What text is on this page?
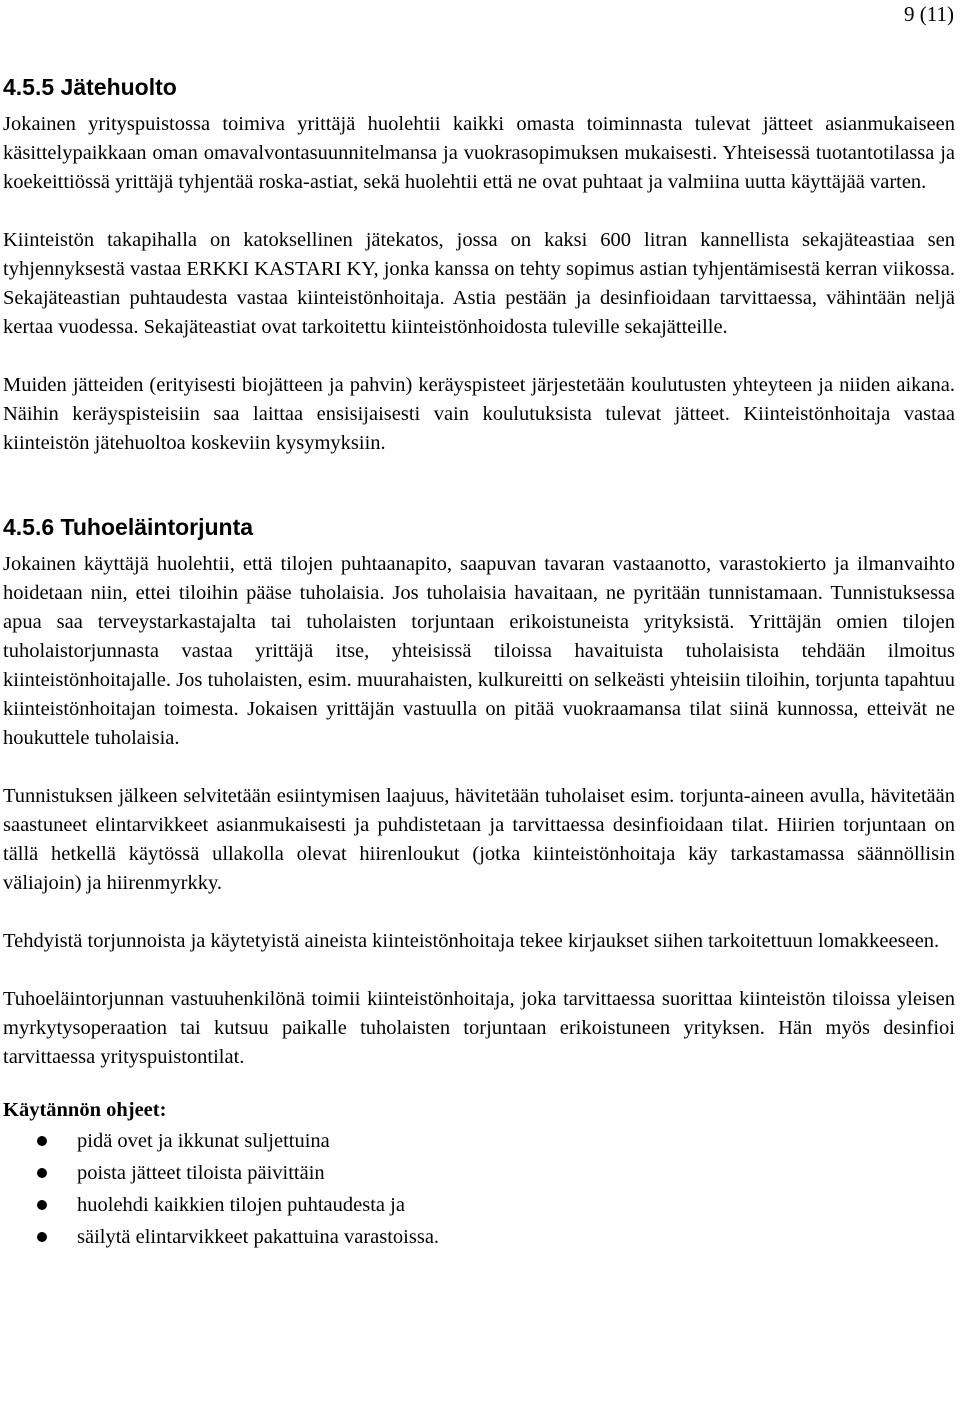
9 (11)
4.5.5 Jätehuolto

Jokainen yrityspuistossa toimiva yrittäjä huolehtii kaikki omasta toiminnasta tulevat jätteet asianmukaiseen käsittelypaikkaan oman omavalvontasuunnitelmansa ja vuokrasopimuksen mukaisesti. Yhteisessä tuotantotilassa ja koekeittiössä yrittäjä tyhjentää roska-astiat, sekä huolehtii että ne ovat puhtaat ja valmiina uutta käyttäjää varten.

Kiinteistön takapihalla on katoksellinen jätekatos, jossa on kaksi 600 litran kannellista sekajäteastiaa sen tyhjennyksestä vastaa ERKKI KASTARI KY, jonka kanssa on tehty sopimus astian tyhjentämisestä kerran viikossa. Sekajäteastian puhtaudesta vastaa kiinteistönhoitaja. Astia pestään ja desinfioidaan tarvittaessa, vähintään neljä kertaa vuodessa. Sekajäteastiat ovat tarkoitettu kiinteistönhoidosta tuleville sekajätteille.

Muiden jätteiden (erityisesti biojätteen ja pahvin) keräyspisteet järjestetään koulutusten yhteyteen ja niiden aikana. Näihin keräyspisteisiin saa laittaa ensisijaisesti vain koulutuksista tulevat jätteet. Kiinteistönhoitaja vastaa kiinteistön jätehuoltoa koskeviin kysymyksiin.

4.5.6 Tuhoeläintorjunta

Jokainen käyttäjä huolehtii, että tilojen puhtaanapito, saapuvan tavaran vastaanotto, varastokierto ja ilmanvaihto hoidetaan niin, ettei tiloihin pääse tuholaisia. Jos tuholaisia havaitaan, ne pyritään tunnistamaan. Tunnistuksessa apua saa terveystarkastajalta tai tuholaisten torjuntaan erikoistuneista yrityksistä. Yrittäjän omien tilojen tuholaistorjunnasta vastaa yrittäjä itse, yhteisissä tiloissa havaituista tuholaisista tehdään ilmoitus kiinteistönhoitajalle. Jos tuholaisten, esim. muurahaisten, kulkureitti on selkeästi yhteisiin tiloihin, torjunta tapahtuu kiinteistönhoitajan toimesta. Jokaisen yrittäjän vastuulla on pitää vuokraamansa tilat siinä kunnossa, etteivät ne houkuttele tuholaisia.

Tunnistuksen jälkeen selvitetään esiintymisen laajuus, hävitetään tuholaiset esim. torjunta-aineen avulla, hävitetään saastuneet elintarvikkeet asianmukaisesti ja puhdistetaan ja tarvittaessa desinfioidaan tilat. Hiirien torjuntaan on tällä hetkellä käytössä ullakolla olevat hiirenloukut (jotka kiinteistönhoitaja käy tarkastamassa säännöllisin väliajoin) ja hiirenmyrkky.

Tehdyistä torjunnoista ja käytetyistä aineista kiinteistönhoitaja tekee kirjaukset siihen tarkoitettuun lomakkeeseen.

Tuhoeläintorjunnan vastuuhenkilönä toimii kiinteistönhoitaja, joka tarvittaessa suorittaa kiinteistön tiloissa yleisen myrkytysoperaation tai kutsuu paikalle tuholaisten torjuntaan erikoistuneen yrityksen. Hän myös desinfioi tarvittaessa yrityspuistontilat.

Käytännön ohjeet:

pidä ovet ja ikkunat suljettuina
poista jätteet tiloista päivittäin
huolehdi kaikkien tilojen puhtaudesta ja
säilytä elintarvikkeet pakattuina varastoissa.
